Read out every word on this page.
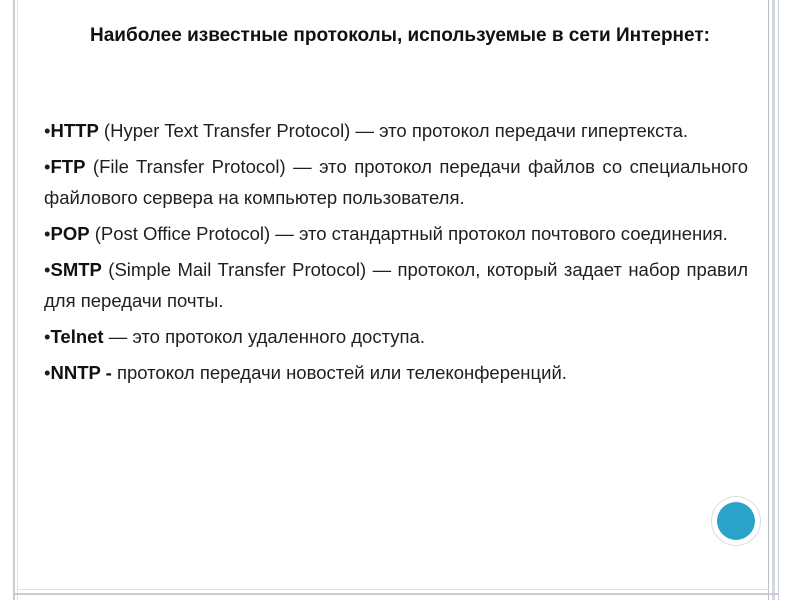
Наиболее известные протоколы, используемые в сети Интернет:

•HTTP (Hyper Text Transfer Protocol) — это протокол передачи гипертекста.

•FTP (File Transfer Protocol) — это протокол передачи файлов со специального файлового сервера на компьютер пользователя.

•POP (Post Office Protocol) — это стандартный протокол почтового соединения.

•SMTP (Simple Mail Transfer Protocol) — протокол, который задает набор правил для передачи почты.

•Telnet — это протокол удаленного доступа.

•NNTP - протокол передачи новостей или телеконференций.
